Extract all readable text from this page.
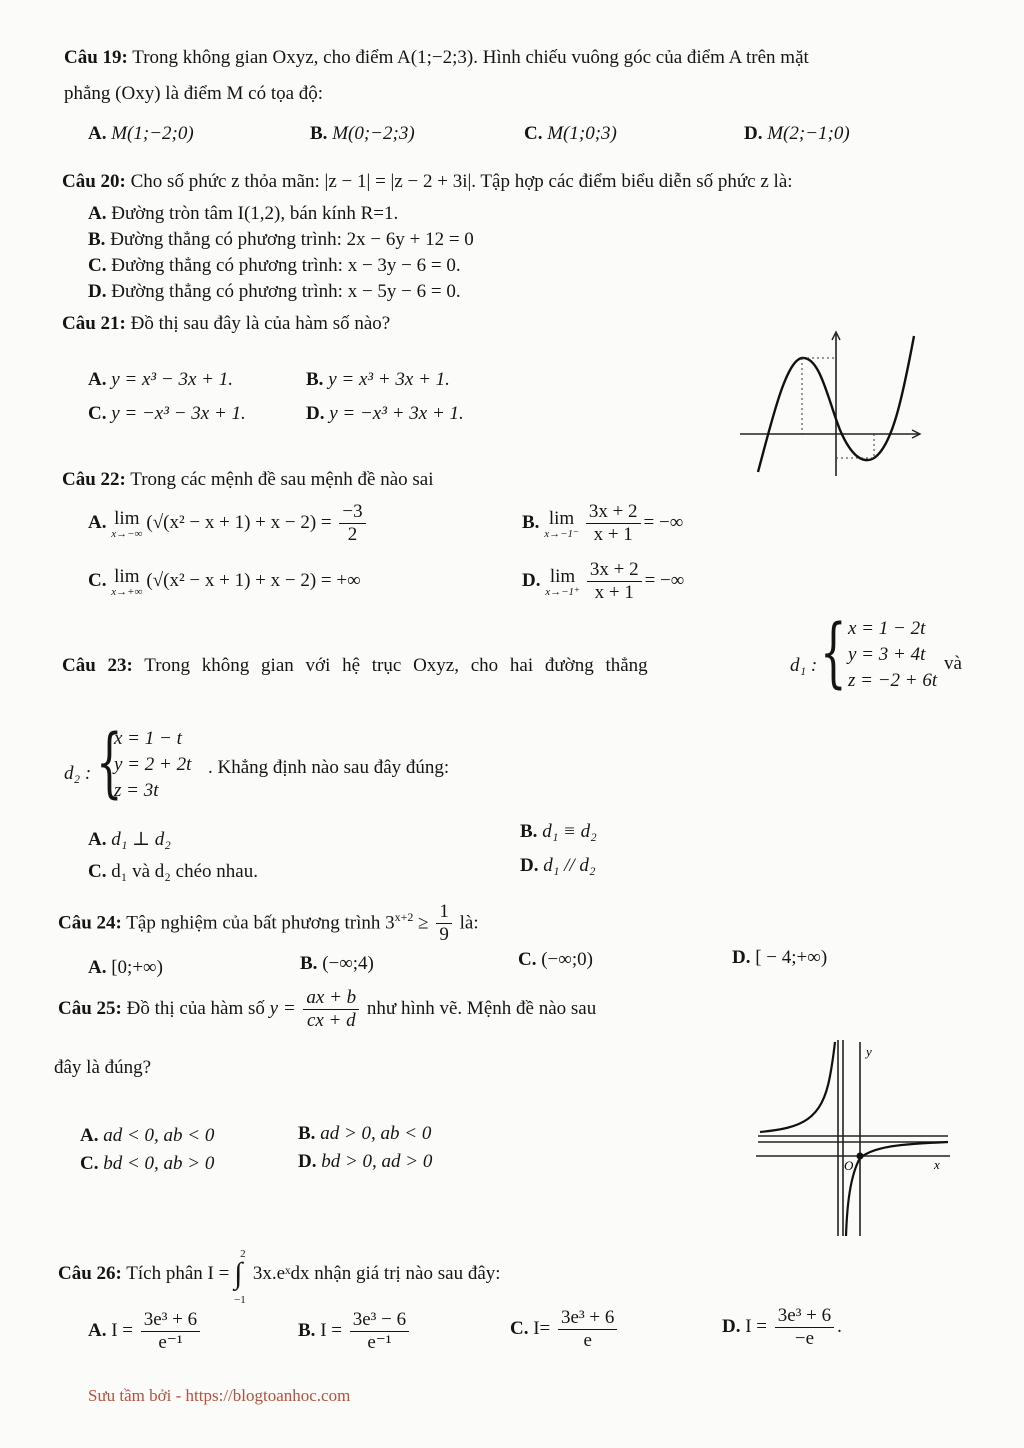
Câu 19: Trong không gian Oxyz, cho điểm A(1;−2;3). Hình chiếu vuông góc của điểm A trên mặt
phẳng (Oxy) là điểm M có tọa độ:
A. M(1;−2;0)	B. M(0;−2;3)	C. M(1;0;3)	D. M(2;−1;0)
Câu 20: Cho số phức z thỏa mãn: |z − 1| = |z − 2 + 3i|. Tập hợp các điểm biểu diễn số phức z là:
A. Đường tròn tâm I(1,2), bán kính R=1.
B. Đường thẳng có phương trình: 2x − 6y + 12 = 0
C. Đường thẳng có phương trình: x − 3y − 6 = 0.
D. Đường thẳng có phương trình: x − 5y − 6 = 0.
Câu 21: Đồ thị sau đây là của hàm số nào?
A. y = x³ − 3x + 1.	B. y = x³ + 3x + 1.
C. y = −x³ − 3x + 1.	D. y = −x³ + 3x + 1.
Câu 22: Trong các mệnh đề sau mệnh đề nào sai
A. lim
x→−∞
$(√(x^2 - x + 1) + x - 2) = \frac{-3}{2}$	B. lim
$x\to-1^- \frac{3x + 2}{x + 1}$ = −∞
C. lim
x→+∞
(√(x² − x + 1) + x − 2) = +∞	D. lim
$x\to-1^+ \frac{3x + 2}{x + 1}$ = −∞
Câu 23: Trong không gian với hệ trục Oxyz, cho hai đường thẳng	d₁ : { x = 1 − 2t
y = 3 + 4t
z = −2 + 6t
và
d₂ : {
x = 1 − t
y = 2 + 2t
z = 3t
. Khẳng định nào sau đây đúng:
A. d₁ ⊥ d₂	B. d₁ ≡ d₂
C. d₁ và d₂ chéo nhau.	D. d₁ // d₂
Câu 24: Tập nghiệm của bất phương trình $3^{x+2} \ge \frac{1}{9}$ là:
A. [0;+∞)	B. (−∞;4)	C. (−∞;0)	D. [ − 4;+∞)
Câu 25: Đồ thị của hàm số $y = \frac{ax + b}{cx + d}$ như hình vẽ. Mệnh đề nào sau
đây là đúng?
A. ad < 0, ab < 0	B. ad > 0, ab < 0
C. bd < 0, ab > 0	D. bd > 0, ad > 0
y
O	x
Câu 26: Tích phân I = ∫
2
−1
3x.eˣdx nhận giá trị nào sau đây:
A. $I = \frac{\text{3e³ + 6}}{\text{e⁻¹}}$	B. $I = \frac{\text{3e³ − 6}}{\text{e⁻¹}}$	C. $I= \frac{\text{3e³ + 6}}{e}$	D. $I = \frac{\text{3e³ + 6}}{-e}$ .
Sưu tầm bởi - https://blogtoanhoc.com
